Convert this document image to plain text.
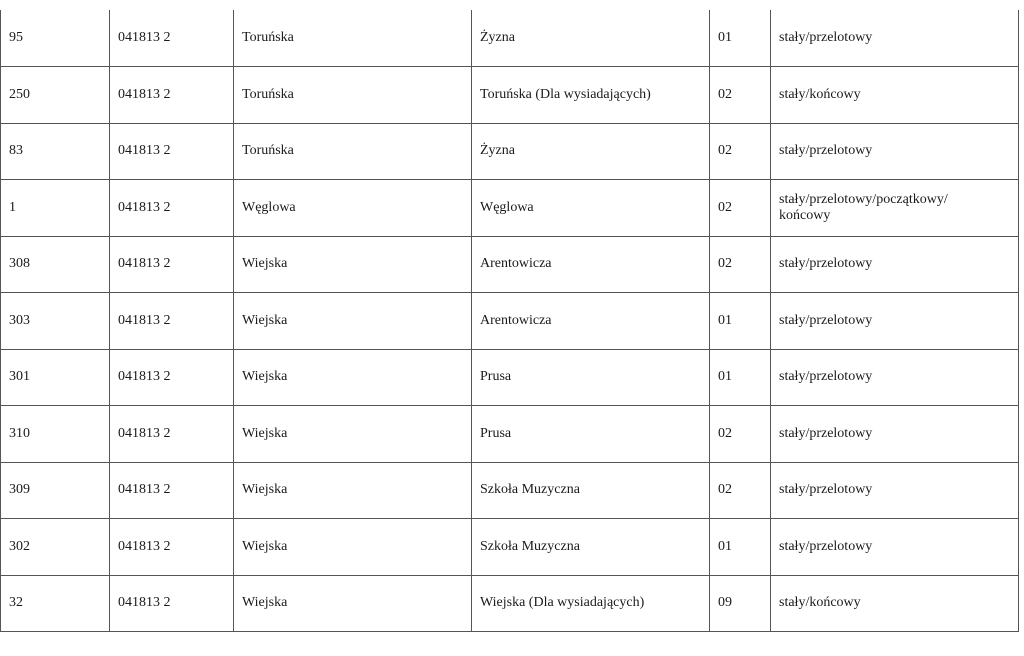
95	041813 2	Toruńska	Żyzna	01	stały/przelotowy
250	041813 2	Toruńska	Toruńska (Dla wysiadających)	02	stały/końcowy
83	041813 2	Toruńska	Żyzna	02	stały/przelotowy
1	041813 2	Węglowa	Węglowa	02	stały/przelotowy/początkowy/ końcowy
308	041813 2	Wiejska	Arentowicza	02	stały/przelotowy
303	041813 2	Wiejska	Arentowicza	01	stały/przelotowy
301	041813 2	Wiejska	Prusa	01	stały/przelotowy
310	041813 2	Wiejska	Prusa	02	stały/przelotowy
309	041813 2	Wiejska	Szkoła Muzyczna	02	stały/przelotowy
302	041813 2	Wiejska	Szkoła Muzyczna	01	stały/przelotowy
32	041813 2	Wiejska	Wiejska (Dla wysiadających)	09	stały/końcowy
